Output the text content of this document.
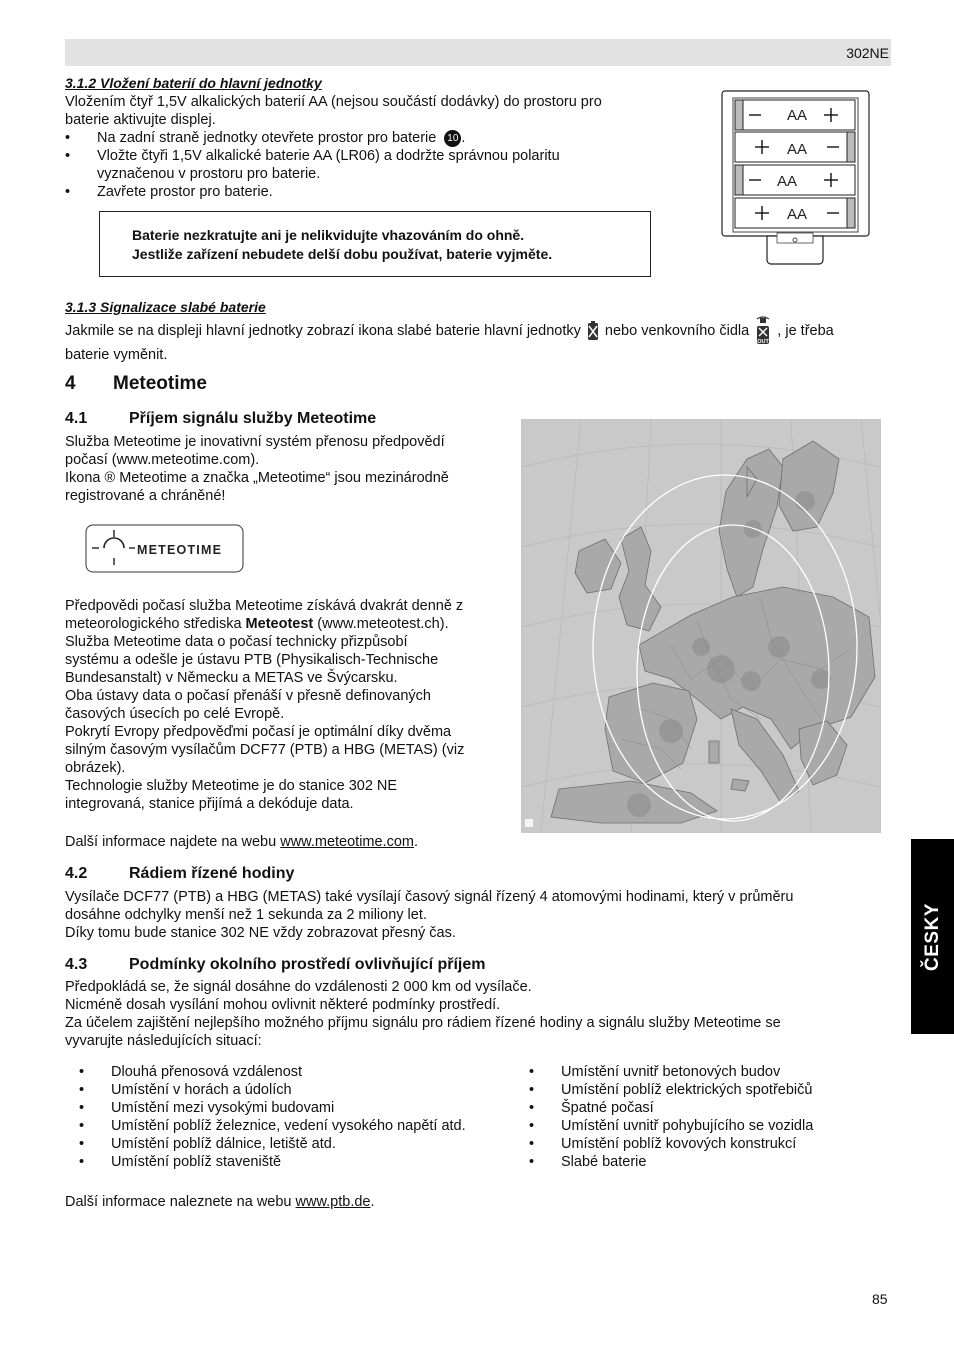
302NE
3.1.2 Vložení baterií do hlavní jednotky

Vložením čtyř 1,5V alkalických baterií AA (nejsou součástí dodávky) do prostoru pro

baterie aktivujte displej.

• Na zadní straně jednotky otevřete prostor pro baterie 10 .
• Vložte čtyři 1,5V alkalické baterie AA (LR06) a dodržte správnou polaritu
vyznačenou v prostoru pro baterie.
• Zavřete prostor pro baterie.
Baterie nezkratujte ani je nelikvidujte vhazováním do ohně.
Jestliže zařízení nebudete delší dobu používat, baterie vyjměte.
AA
AA
AA
AA
3.1.3 Signalizace slabé baterie
Jakmile se na displeji hlavní jednotky zobrazí ikona slabé baterie hlavní jednotky nebo venkovního čidla
OUT
, je třeba
baterie vyměnit.
4 Meteotime
4.1	Příjem signálu služby Meteotime

Služba Meteotime je inovativní systém přenosu předpovědí

počasí (www.meteotime.com).

Ikona ® Meteotime a značka „Meteotime“ jsou mezinárodně

registrované a chráněné!

METEOTIME

Předpovědi počasí služba Meteotime získává dvakrát denně z

meteorologického střediska Meteotest (www.meteotest.ch).

Služba Meteotime data o počasí technicky přizpůsobí

systému a odešle je ústavu PTB (Physikalisch-Technische

Bundesanstalt) v Německu a METAS ve Švýcarsku.

Oba ústavy data o počasí přenáší v přesně definovaných

časových úsecích po celé Evropě.

Pokrytí Evropy předpověďmi počasí je optimální díky dvěma

silným časovým vysílačům DCF77 (PTB) a HBG (METAS) (viz

obrázek).

Technologie služby Meteotime je do stanice 302 NE

integrovaná, stanice přijímá a dekóduje data.

Další informace najdete na webu www.meteotime.com.
4.2	Rádiem řízené hodiny

Vysílače DCF77 (PTB) a HBG (METAS) také vysílají časový signál řízený 4 atomovými hodinami, který v průměru

dosáhne odchylky menší než 1 sekunda za 2 miliony let.

Díky tomu bude stanice 302 NE vždy zobrazovat přesný čas.

4.3	Podmínky okolního prostředí ovlivňující příjem

Předpokládá se, že signál dosáhne do vzdálenosti 2 000 km od vysílače.

Nicméně dosah vysílání mohou ovlivnit některé podmínky prostředí.

Za účelem zajištění nejlepšího možného příjmu signálu pro rádiem řízené hodiny a signálu služby Meteotime se

vyvarujte následujících situací:

• Dlouhá přenosová vzdálenost
• Umístění v horách a údolích
• Umístění mezi vysokými budovami
• Umístění poblíž železnice, vedení vysokého napětí atd.
• Umístění poblíž dálnice, letiště atd.
• Umístění poblíž staveniště
• Umístění uvnitř betonových budov
• Umístění poblíž elektrických spotřebičů
• Špatné počasí
• Umístění uvnitř pohybujícího se vozidla
• Umístění poblíž kovových konstrukcí
• Slabé baterie
Další informace naleznete na webu www.ptb.de.
ČESKY
85
